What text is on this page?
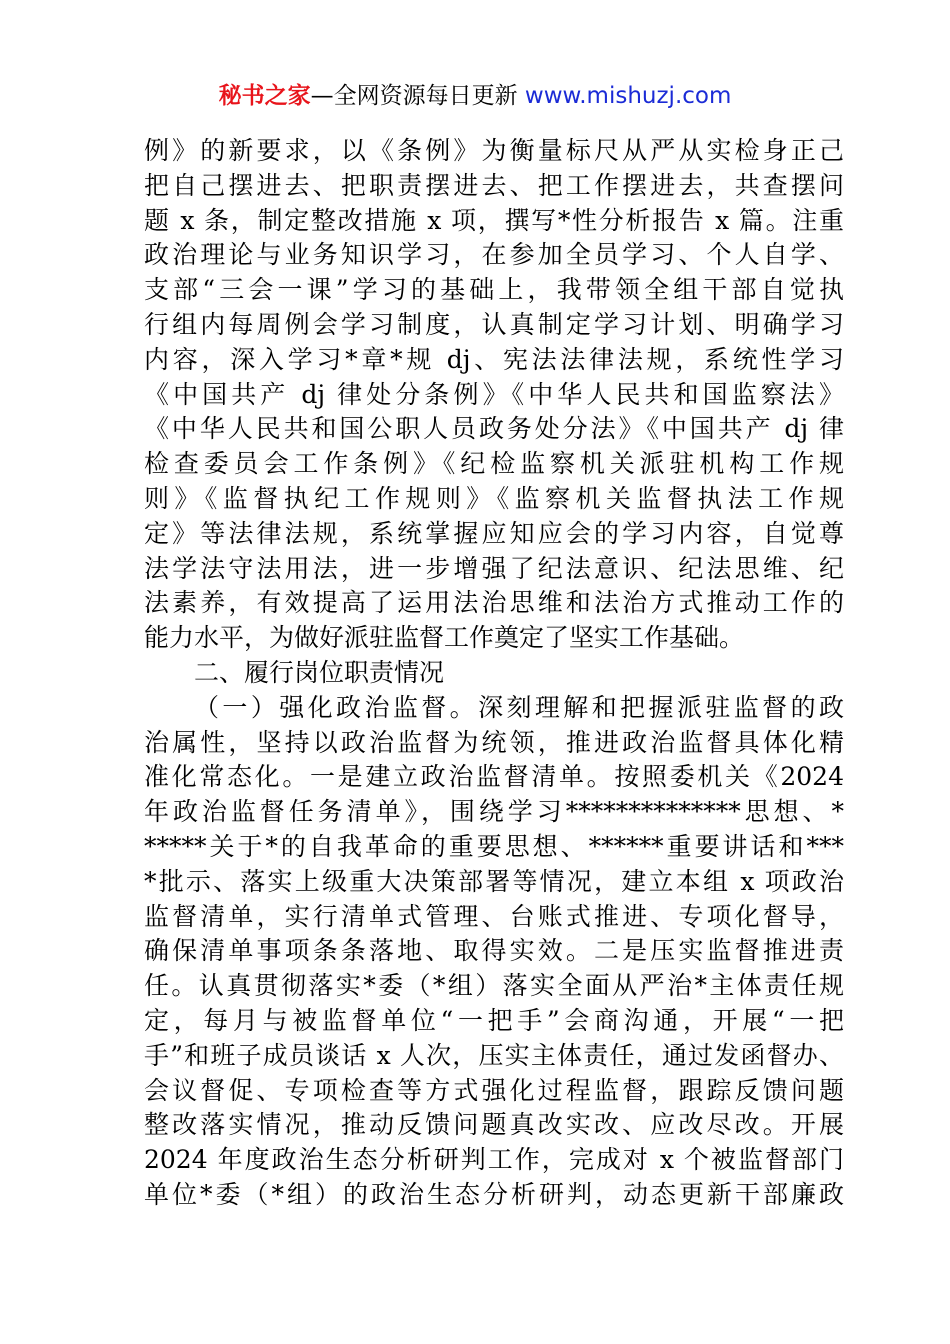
秘书之家—全网资源每日更新 www.mishuzj.com
例》的新要求，以《条例》为衡量标尺从严从实检身正己
把自己摆进去、把职责摆进去、把工作摆进去，共查摆问
题 x 条，制定整改措施 x 项，撰写*性分析报告 x 篇。注重
政治理论与业务知识学习，在参加全员学习、个人自学、
支部“三会一课”学习的基础上，我带领全组干部自觉执
行组内每周例会学习制度，认真制定学习计划、明确学习
内容，深入学习*章*规 dj、宪法法律法规，系统性学习
《中国共产 dj 律处分条例》《中华人民共和国监察法》
《中华人民共和国公职人员政务处分法》《中国共产 dj 律
检查委员会工作条例》《纪检监察机关派驻机构工作规
则》《监督执纪工作规则》《监察机关监督执法工作规
定》等法律法规，系统掌握应知应会的学习内容，自觉尊
法学法守法用法，进一步增强了纪法意识、纪法思维、纪
法素养，有效提高了运用法治思维和法治方式推动工作的
能力水平，为做好派驻监督工作奠定了坚实工作基础。
二、履行岗位职责情况
（一）强化政治监督。深刻理解和把握派驻监督的政
治属性，坚持以政治监督为统领，推进政治监督具体化精
准化常态化。一是建立政治监督清单。按照委机关《2024
年政治监督任务清单》，围绕学习**************思想、*
*****关于*的自我革命的重要思想、******重要讲话和***
*批示、落实上级重大决策部署等情况，建立本组 x 项政治
监督清单，实行清单式管理、台账式推进、专项化督导，
确保清单事项条条落地、取得实效。二是压实监督推进责
任。认真贯彻落实*委（*组）落实全面从严治*主体责任规
定，每月与被监督单位“一把手”会商沟通，开展“一把
手”和班子成员谈话 x 人次，压实主体责任，通过发函督办、
会议督促、专项检查等方式强化过程监督，跟踪反馈问题
整改落实情况，推动反馈问题真改实改、应改尽改。开展
2024 年度政治生态分析研判工作，完成对 x 个被监督部门
单位*委（*组）的政治生态分析研判，动态更新干部廉政
